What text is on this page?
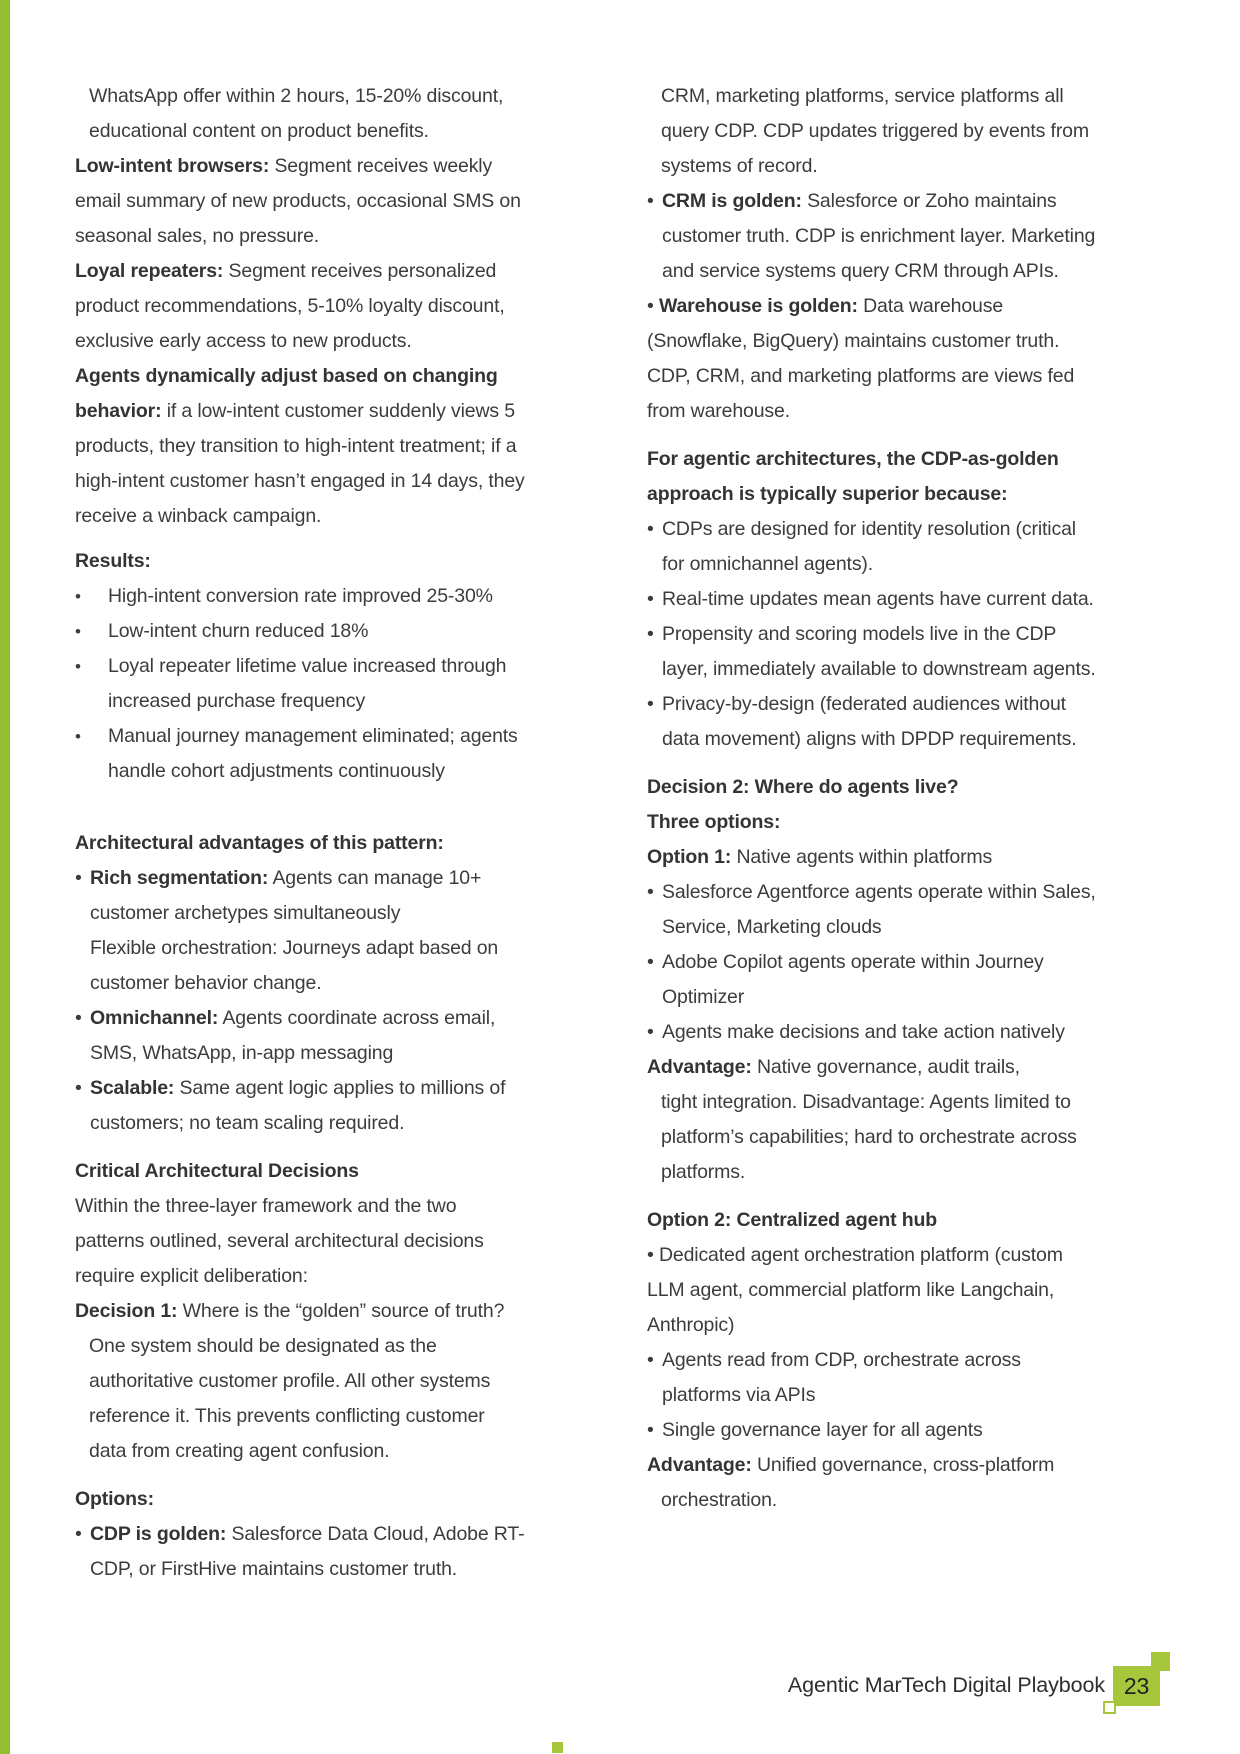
WhatsApp offer within 2 hours, 15-20% discount, educational content on product benefits.
Low-intent browsers: Segment receives weekly email summary of new products, occasional SMS on seasonal sales, no pressure.
Loyal repeaters: Segment receives personalized product recommendations, 5-10% loyalty discount, exclusive early access to new products.
Agents dynamically adjust based on changing behavior: if a low-intent customer suddenly views 5 products, they transition to high-intent treatment; if a high-intent customer hasn’t engaged in 14 days, they receive a winback campaign.
Results:
• High-intent conversion rate improved 25-30%
• Low-intent churn reduced 18%
• Loyal repeater lifetime value increased through increased purchase frequency
• Manual journey management eliminated; agents handle cohort adjustments continuously
Architectural advantages of this pattern:
• Rich segmentation: Agents can manage 10+ customer archetypes simultaneously
Flexible orchestration: Journeys adapt based on customer behavior change.
• Omnichannel: Agents coordinate across email, SMS, WhatsApp, in-app messaging
• Scalable: Same agent logic applies to millions of customers; no team scaling required.
Critical Architectural Decisions
Within the three-layer framework and the two patterns outlined, several architectural decisions require explicit deliberation:
Decision 1: Where is the “golden” source of truth?
One system should be designated as the authoritative customer profile. All other systems reference it. This prevents conflicting customer data from creating agent confusion.
Options:
• CDP is golden: Salesforce Data Cloud, Adobe RT-CDP, or FirstHive maintains customer truth.
CRM, marketing platforms, service platforms all query CDP. CDP updates triggered by events from systems of record.
• CRM is golden: Salesforce or Zoho maintains customer truth. CDP is enrichment layer. Marketing and service systems query CRM through APIs.
• Warehouse is golden: Data warehouse (Snowflake, BigQuery) maintains customer truth. CDP, CRM, and marketing platforms are views fed from warehouse.
For agentic architectures, the CDP-as-golden approach is typically superior because:
• CDPs are designed for identity resolution (critical for omnichannel agents).
• Real-time updates mean agents have current data.
• Propensity and scoring models live in the CDP layer, immediately available to downstream agents.
• Privacy-by-design (federated audiences without data movement) aligns with DPDP requirements.
Decision 2: Where do agents live?
Three options:
Option 1: Native agents within platforms
• Salesforce Agentforce agents operate within Sales, Service, Marketing clouds
• Adobe Copilot agents operate within Journey Optimizer
• Agents make decisions and take action natively
Advantage: Native governance, audit trails,
tight integration. Disadvantage: Agents limited to platform’s capabilities; hard to orchestrate across platforms.
Option 2: Centralized agent hub
• Dedicated agent orchestration platform (custom LLM agent, commercial platform like Langchain, Anthropic)
• Agents read from CDP, orchestrate across platforms via APIs
• Single governance layer for all agents
Advantage: Unified governance, cross-platform orchestration.
Agentic MarTech Digital Playbook 23
